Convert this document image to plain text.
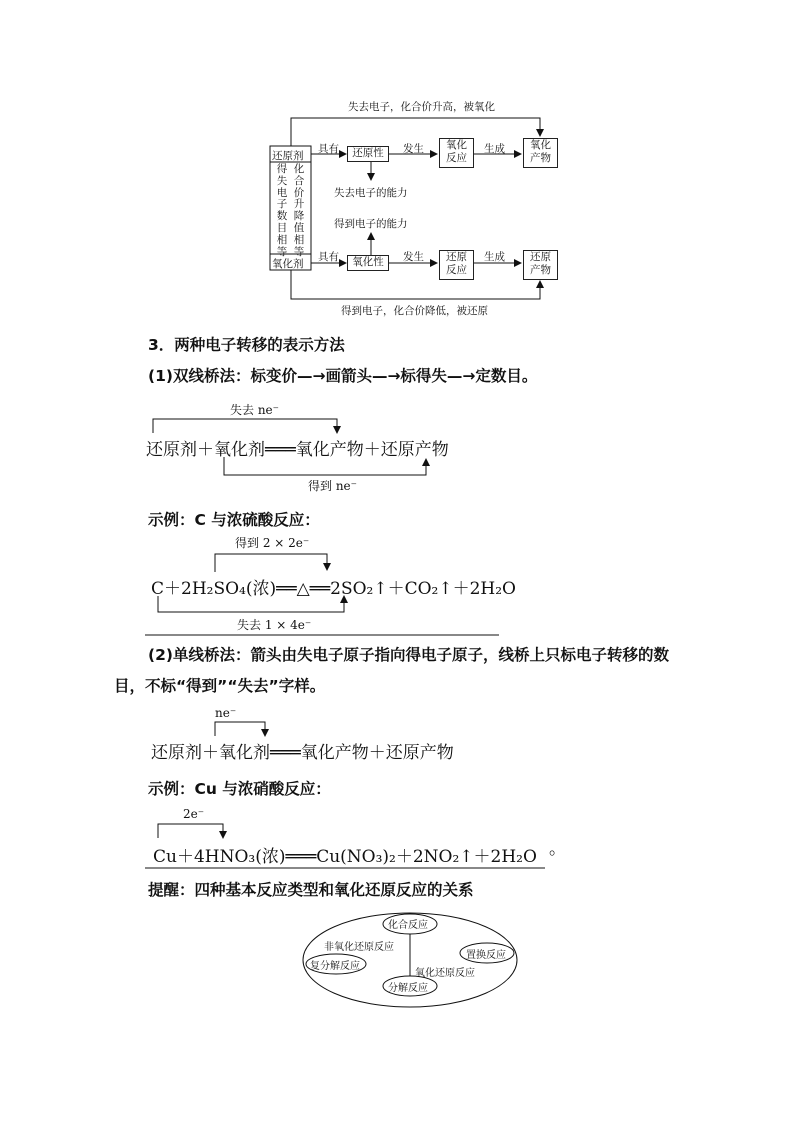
失去电子，化合价升高，被氧化
得到电子，化合价降低，被还原
还原剂
氧化剂
得失电子数目相等
化合价升降值相等
具有
具有
还原性
氧化性
发生
发生
氧化
反应
还原
反应
生成
生成
氧化
产物
还原
产物
失去电子的能力
得到电子的能力
3．两种电子转移的表示方法
(1)双线桥法：标变价—→画箭头—→标得失—→定数目。
失去 ne⁻
还原剂＋氧化剂═══氧化产物＋还原产物
得到 ne⁻
示例：C 与浓硫酸反应：
得到 2 × 2e⁻
C＋2H₂SO₄(浓)══△══2SO₂↑＋CO₂↑＋2H₂O
失去 1 × 4e⁻
(2)单线桥法：箭头由失电子原子指向得电子原子，线桥上只标电子转移的数目，不标“得到”“失去”字样。
ne⁻
还原剂＋氧化剂═══氧化产物＋还原产物
示例：Cu 与浓硝酸反应：
2e⁻
Cu＋4HNO₃(浓)═══Cu(NO₃)₂＋2NO₂↑＋2H₂O 。
提醒：四种基本反应类型和氧化还原反应的关系
化合反应
非氧化还原反应
复分解反应
置换反应
氧化还原反应
分解反应
